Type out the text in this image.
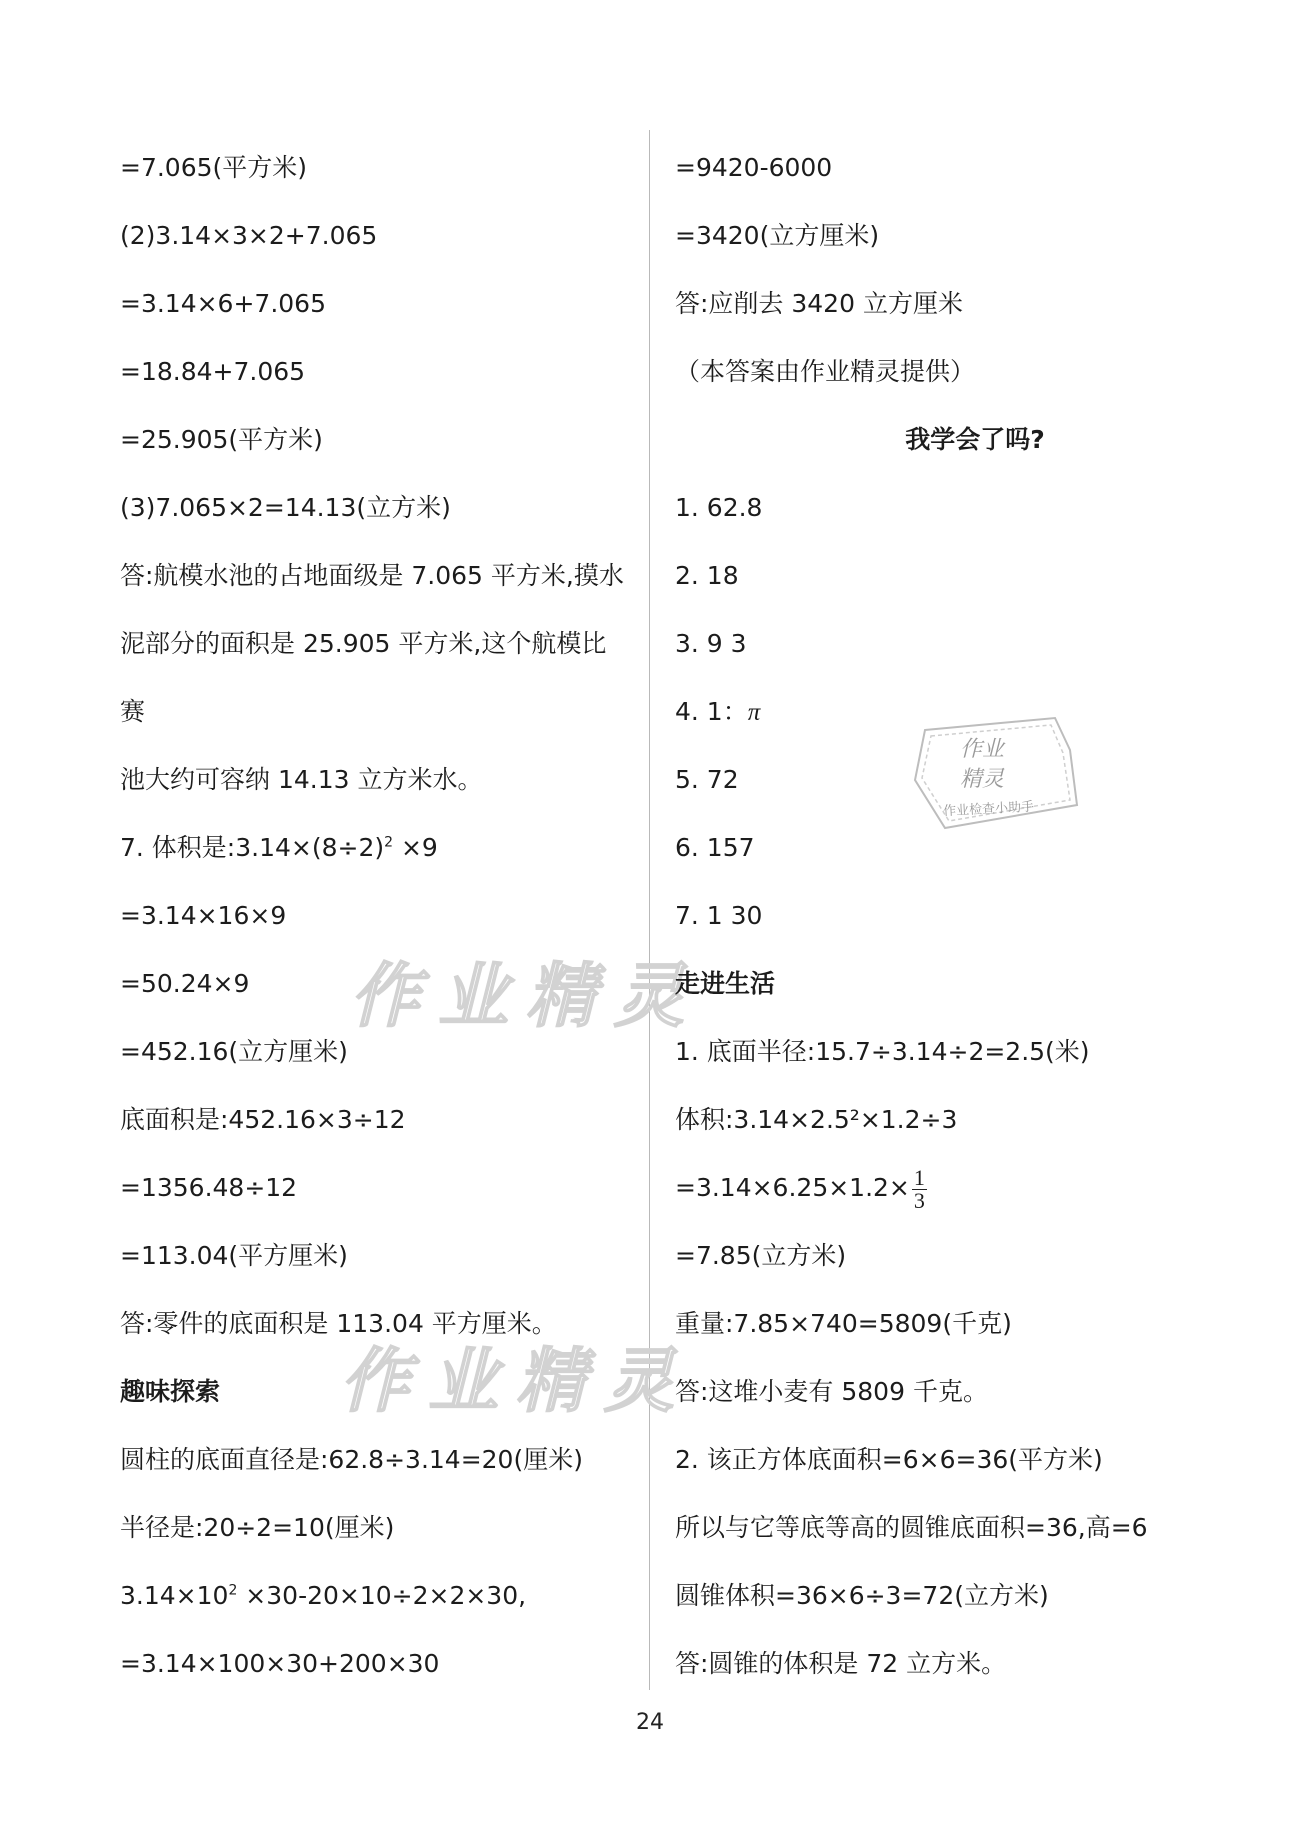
作业精灵
作业精灵
作业
精灵
作业检查小助手
=7.065(平方米)
(2)3.14×3×2+7.065
=3.14×6+7.065
=18.84+7.065
=25.905(平方米)
(3)7.065×2=14.13(立方米)
答:航模水池的占地面级是 7.065 平方米,摸水
泥部分的面积是 25.905 平方米,这个航模比
赛
池大约可容纳 14.13 立方米水。
7. 体积是$:3.14\times(8\div 2)^2 \times 9$
=3.14×16×9
=50.24×9
=452.16(立方厘米)
底面积是:452.16×3÷12
=1356.48÷12
=113.04(平方厘米)
答:零件的底面积是 113.04 平方厘米。
趣味探索
圆柱的底面直径是:62.8÷3.14=20(厘米)
半径是:20÷2=10(厘米)
$3.14\times 10^2 \times 30-20\times 10\div 2\times 2\times 30$,
=3.14×100×30+200×30
=9420-6000
=3420(立方厘米)
答:应削去 3420 立方厘米
（本答案由作业精灵提供）
我学会了吗?
1. 62.8
2. 18
3. 9 3
4. 1：π
5. 72
6. 157
7. 1 30
走进生活
1. 底面半径:15.7÷3.14÷2=2.5(米)
体积:3.14×2.5²×1.2÷3
$=3.14\times 6.25\times 1.2\times \frac{1}{3}$
=7.85(立方米)
重量:7.85×740=5809(千克)
答:这堆小麦有 5809 千克。
2. 该正方体底面积=6×6=36(平方米)
所以与它等底等高的圆锥底面积=36,高=6
圆锥体积=36×6÷3=72(立方米)
答:圆锥的体积是 72 立方米。
24
